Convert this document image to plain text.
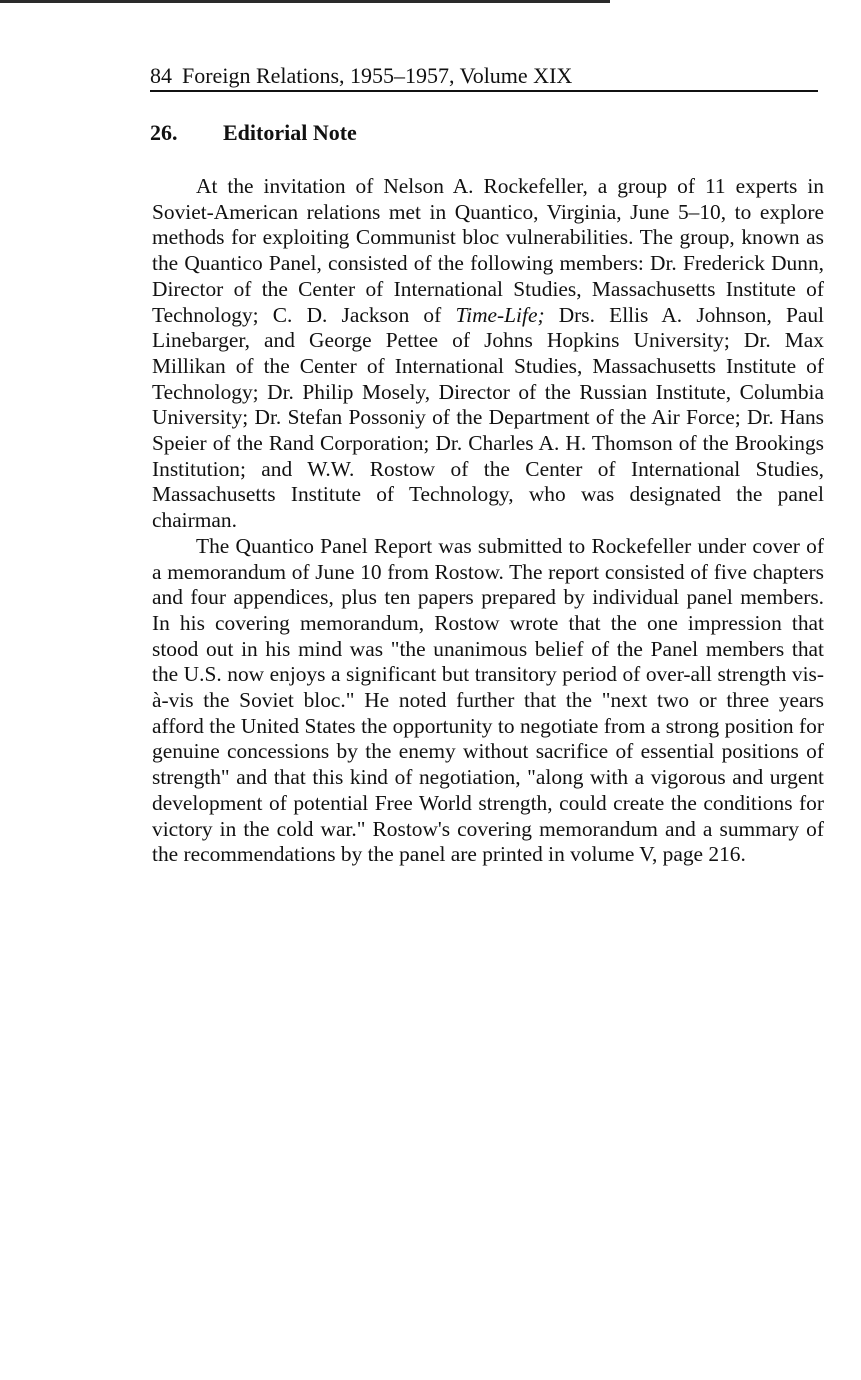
84 Foreign Relations, 1955–1957, Volume XIX
26. Editorial Note

At the invitation of Nelson A. Rockefeller, a group of 11 experts in Soviet-American relations met in Quantico, Virginia, June 5–10, to explore methods for exploiting Communist bloc vulnerabilities. The group, known as the Quantico Panel, consisted of the following members: Dr. Frederick Dunn, Director of the Center of International Studies, Massachusetts Institute of Technology; C. D. Jackson of Time-Life; Drs. Ellis A. Johnson, Paul Linebarger, and George Pettee of Johns Hopkins University; Dr. Max Millikan of the Center of International Studies, Massachusetts Institute of Technology; Dr. Philip Mosely, Director of the Russian Institute, Columbia University; Dr. Stefan Possoniy of the Department of the Air Force; Dr. Hans Speier of the Rand Corporation; Dr. Charles A. H. Thomson of the Brookings Institution; and W.W. Rostow of the Center of International Studies, Massachusetts Institute of Technology, who was designated the panel chairman.

The Quantico Panel Report was submitted to Rockefeller under cover of a memorandum of June 10 from Rostow. The report consisted of five chapters and four appendices, plus ten papers prepared by individual panel members. In his covering memorandum, Rostow wrote that the one impression that stood out in his mind was "the unanimous belief of the Panel members that the U.S. now enjoys a significant but transitory period of over-all strength vis-à-vis the Soviet bloc." He noted further that the "next two or three years afford the United States the opportunity to negotiate from a strong position for genuine concessions by the enemy without sacrifice of essential positions of strength" and that this kind of negotiation, "along with a vigorous and urgent development of potential Free World strength, could create the conditions for victory in the cold war." Rostow's covering memorandum and a summary of the recommendations by the panel are printed in volume V, page 216.
